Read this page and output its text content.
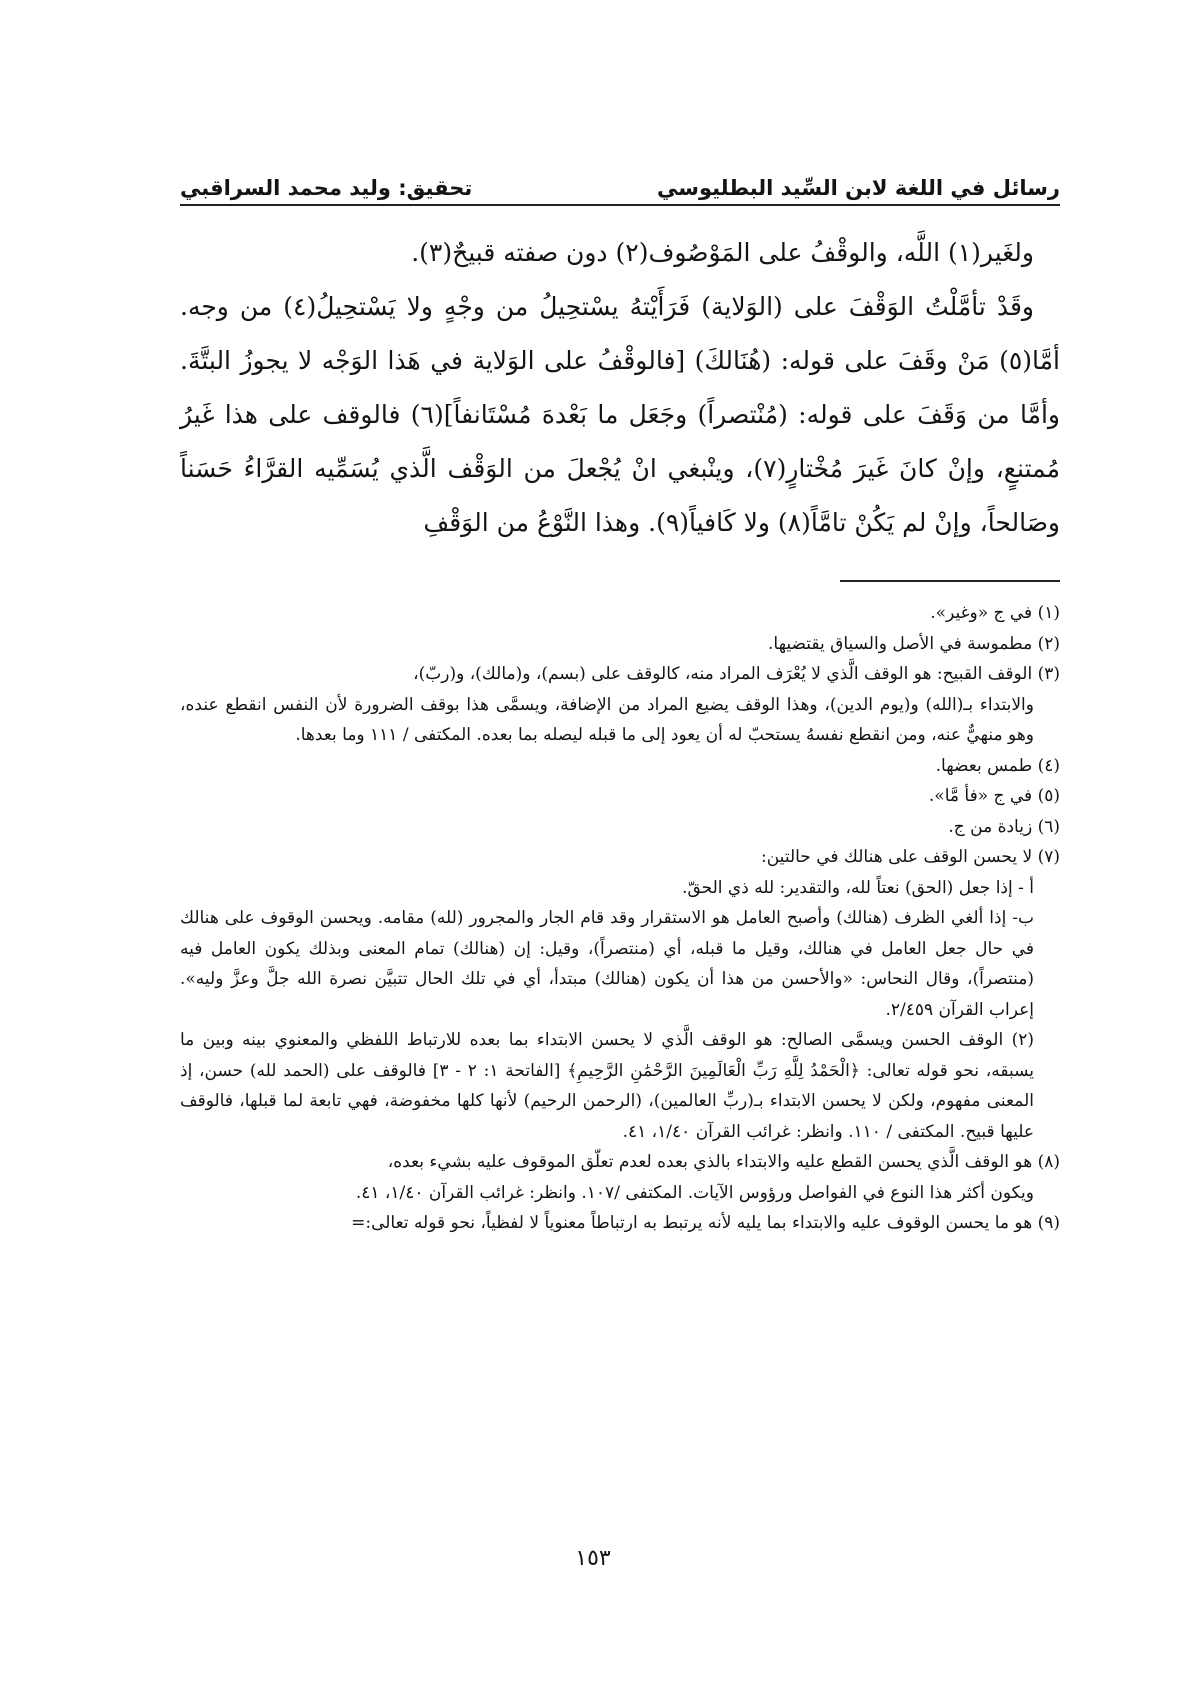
رسائل في اللغة لابن السِّيد البطليوسي
تحقيق: وليد محمد السراقبي

ولغَير(١) اللَّه، والوقْفُ على المَوْصُوف(٢) دون صفته قبيحٌ(٣).

وقَدْ تأمَّلْتُ الوَقْفَ على (الوَلاية) فَرَأَيْتهُ يسْتحِيلُ من وجْهٍ ولا يَسْتحِيلُ(٤) من وجه. أمَّا(٥) مَنْ وقَفَ على قوله: (هُنَالكَ) [فالوقْفُ على الوَلاية في هَذا الوَجْه لا يجوزُ البتَّةَ. وأمَّا من وَقَفَ على قوله: (مُنْتصراً) وجَعَل ما بَعْدهَ مُسْتَانفاً](٦) فالوقف على هذا غَيرُ مُمتنعٍ، وإنْ كانَ غَيرَ مُخْتارٍ(٧)، وينْبغي انْ يُجْعلَ من الوَقْف الَّذي يُسَمِّيه القرَّاءُ حَسَناً وصَالحاً، وإنْ لم يَكُنْ تامَّاً(٨) ولا كَافياً(٩). وهذا النَّوْعُ من الوَقْفِ

(١) في ج «وغير».

(٢) مطموسة في الأصل والسياق يقتضيها.

(٣) الوقف القبيح: هو الوقف الَّذي لا يُعْرَف المراد منه، كالوقف على (بسم)، و(مالك)، و(ربّ)،

والابتداء بـ(الله) و(يوم الدين)، وهذا الوقف يضيع المراد من الإضافة، ويسمَّى هذا بوقف الضرورة لأن النفس انقطع عنده، وهو منهيٌّ عنه، ومن انقطع نفسهُ يستحبّ له أن يعود إلى ما قبله ليصله بما بعده. المكتفى / ١١١ وما بعدها.

(٤) طمس بعضها.

(٥) في ج «فأ مَّا».

(٦) زيادة من ج.

(٧) لا يحسن الوقف على هنالك في حالتين:

أ - إذا جعل (الحق) نعتاً لله، والتقدير: لله ذي الحقّ.

ب- إذا ألغي الظرف (هنالك) وأصبح العامل هو الاستقرار وقد قام الجار والمجرور (لله) مقامه. ويحسن الوقوف على هنالك في حال جعل العامل في هنالك، وقيل ما قبله، أي (منتصراً)، وقيل: إن (هنالك) تمام المعنى وبذلك يكون العامل فيه (منتصراً)، وقال النحاس: «والأحسن من هذا أن يكون (هنالك) مبتدأ، أي في تلك الحال تتبيَّن نصرة الله جلَّ وعزَّ وليه». إعراب القرآن ٢/٤٥٩.

(٢) الوقف الحسن ويسمَّى الصالح: هو الوقف الَّذي لا يحسن الابتداء بما بعده للارتباط اللفظي والمعنوي بينه وبين ما يسبقه، نحو قوله تعالى: ﴿الْحَمْدُ لِلَّهِ رَبِّ الْعَالَمِينَ الرَّحْمَٰنِ الرَّحِيمِ﴾ [الفاتحة ١: ٢ - ٣] فالوقف على (الحمد لله) حسن، إذ المعنى مفهوم، ولكن لا يحسن الابتداء بـ(ربِّ العالمين)، (الرحمن الرحيم) لأنها كلها مخفوضة، فهي تابعة لما قبلها، فالوقف عليها قبيح. المكتفى / ١١٠. وانظر: غرائب القرآن ١/٤٠، ٤١.

(٨) هو الوقف الَّذي يحسن القطع عليه والابتداء بالذي بعده لعدم تعلّق الموقوف عليه بشيء بعده،

ويكون أكثر هذا النوع في الفواصل ورؤوس الآيات. المكتفى /١٠٧. وانظر: غرائب القرآن ١/٤٠، ٤١.

(٩) هو ما يحسن الوقوف عليه والابتداء بما يليه لأنه يرتبط به ارتباطاً معنوياً لا لفظياً، نحو قوله تعالى:=

١٥٣
